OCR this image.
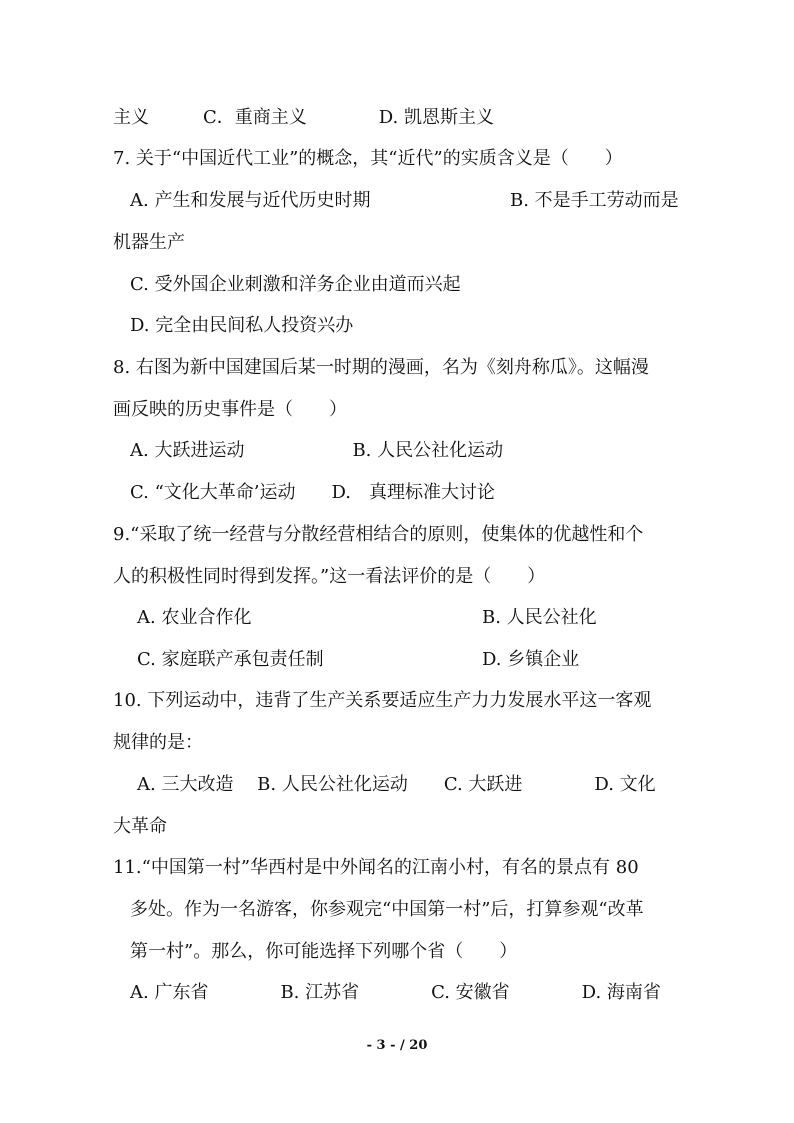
主义　　　C．重商主义　　　　D. 凯恩斯主义
7. 关于“中国近代工业”的概念，其“近代”的实质含义是（　　）
A. 产生和发展与近代历史时期	B. 不是手工劳动而是
机器生产
C. 受外国企业刺激和洋务企业由道而兴起
D. 完全由民间私人投资兴办
8. 右图为新中国建国后某一时期的漫画，名为《刻舟称瓜》。这幅漫
画反映的历史事件是（　　）
A. 大跃进运动　　　　　　B. 人民公社化运动
C. “文化大革命’运动　　D.　真理标准大讨论
9.“采取了统一经营与分散经营相结合的原则，使集体的优越性和个
人的积极性同时得到发挥。”这一看法评价的是（　　）
A. 农业合作化	B. 人民公社化
C. 家庭联产承包责任制	D. 乡镇企业
10. 下列运动中，违背了生产关系要适应生产力力发展水平这一客观
规律的是：
A. 三大改造　 B. 人民公社化运动　　C. 大跃进　　　　D. 文化
大革命
11.“中国第一村”华西村是中外闻名的江南小村，有名的景点有 80
多处。作为一名游客，你参观完“中国第一村”后，打算参观“改革
第一村”。那么，你可能选择下列哪个省（　　）
A. 广东省　　　　B. 江苏省　　　　C. 安徽省　　　　D. 海南省
- 3 - / 20
